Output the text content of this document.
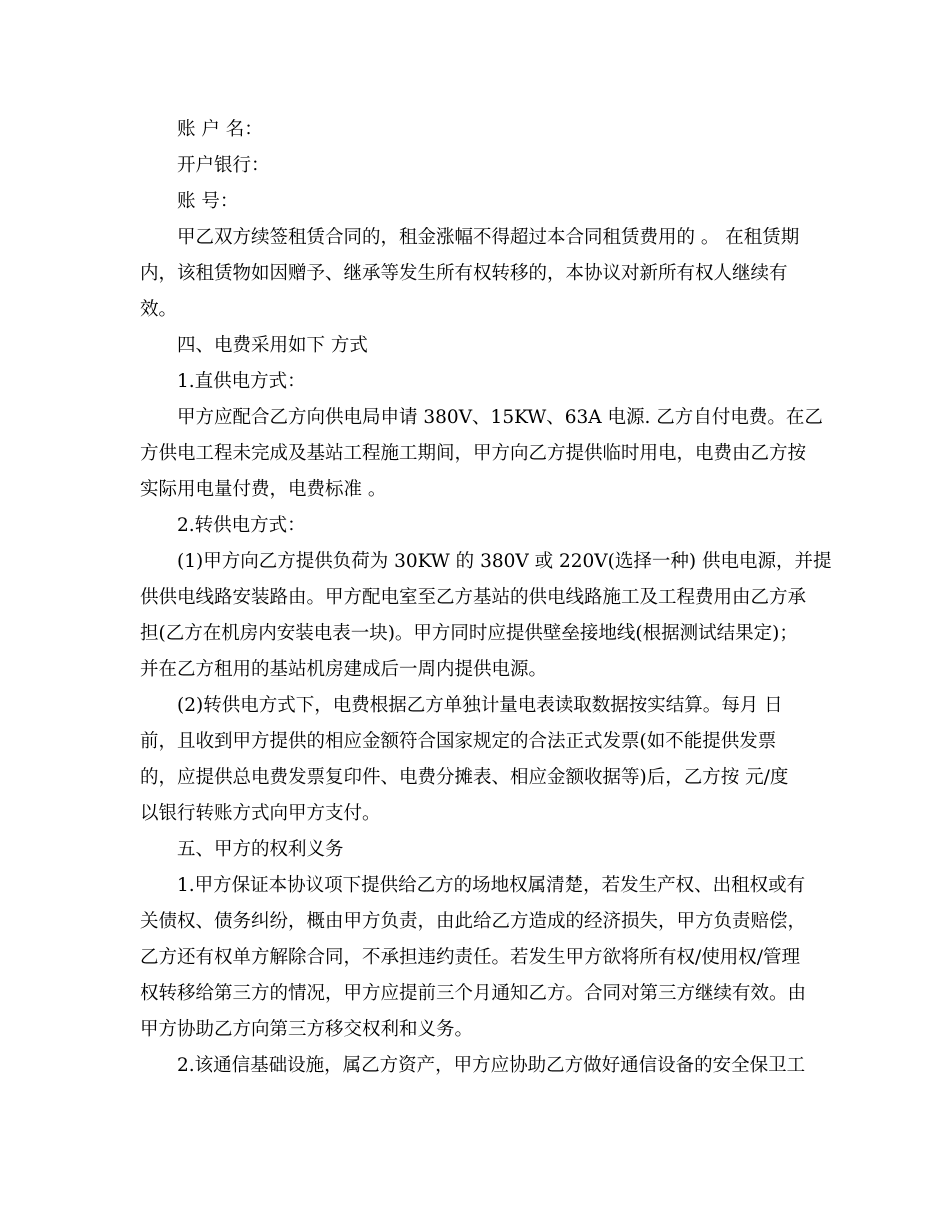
账 户 名：
开户银行：
账 号：
甲乙双方续签租赁合同的，租金涨幅不得超过本合同租赁费用的 。 在租赁期
内，该租赁物如因赠予、继承等发生所有权转移的，本协议对新所有权人继续有
效。
四、电费采用如下 方式
1.直供电方式：
甲方应配合乙方向供电局申请 380V、15KW、63A 电源. 乙方自付电费。在乙
方供电工程未完成及基站工程施工期间，甲方向乙方提供临时用电，电费由乙方按
实际用电量付费，电费标准 。
2.转供电方式：
(1)甲方向乙方提供负荷为 30KW 的 380V 或 220V(选择一种) 供电电源，并提
供供电线路安装路由。甲方配电室至乙方基站的供电线路施工及工程费用由乙方承
担(乙方在机房内安装电表一块)。甲方同时应提供壁垒接地线(根据测试结果定)；
并在乙方租用的基站机房建成后一周内提供电源。
(2)转供电方式下，电费根据乙方单独计量电表读取数据按实结算。每月 日
前，且收到甲方提供的相应金额符合国家规定的合法正式发票(如不能提供发票
的，应提供总电费发票复印件、电费分摊表、相应金额收据等)后，乙方按 元/度
以银行转账方式向甲方支付。
五、甲方的权利义务
1.甲方保证本协议项下提供给乙方的场地权属清楚，若发生产权、出租权或有
关债权、债务纠纷，概由甲方负责，由此给乙方造成的经济损失，甲方负责赔偿，
乙方还有权单方解除合同，不承担违约责任。若发生甲方欲将所有权/使用权/管理
权转移给第三方的情况，甲方应提前三个月通知乙方。合同对第三方继续有效。由
甲方协助乙方向第三方移交权利和义务。
2.该通信基础设施，属乙方资产，甲方应协助乙方做好通信设备的安全保卫工
